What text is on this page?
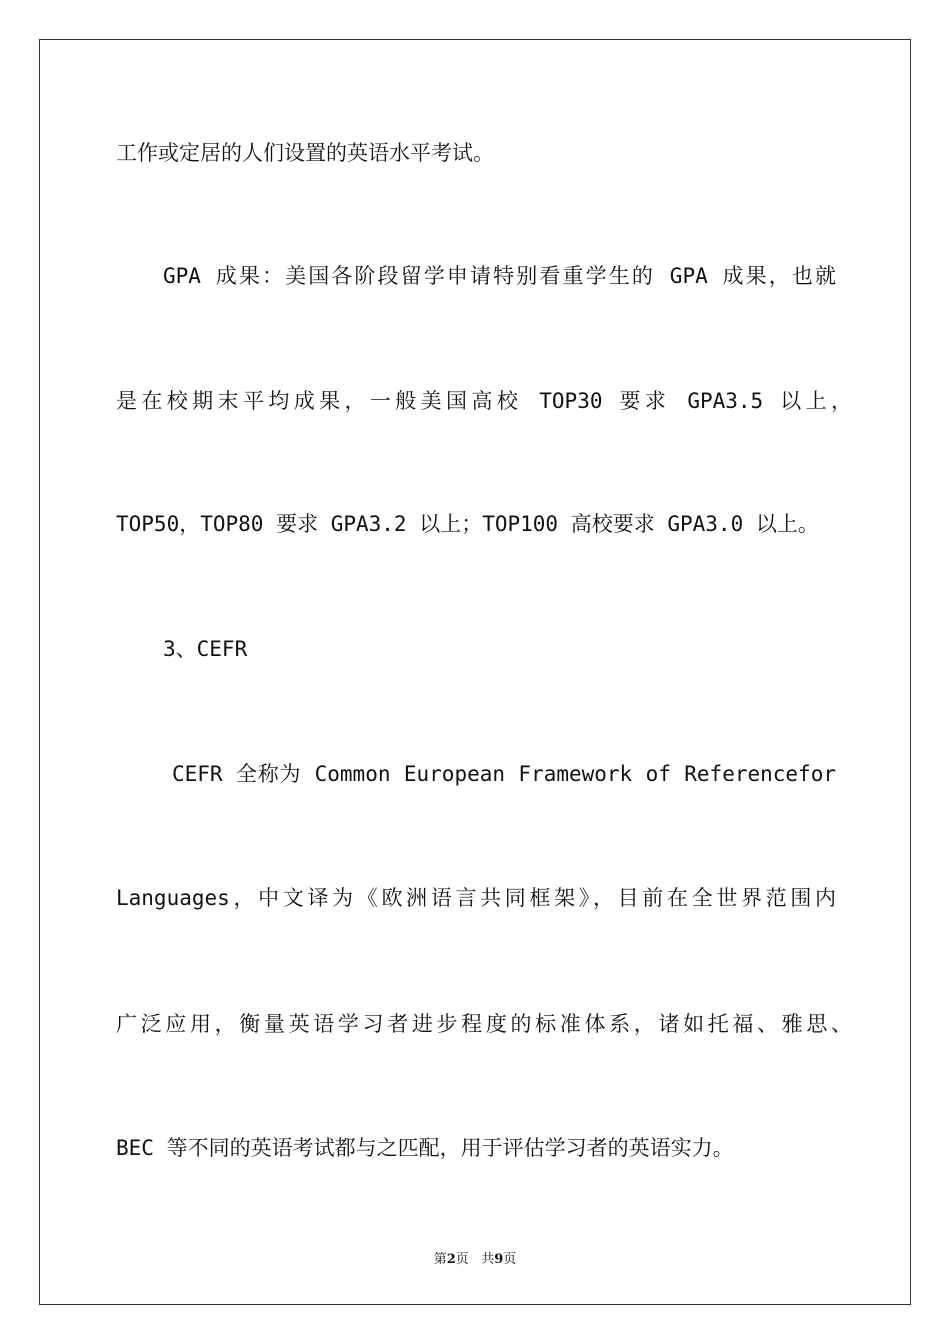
工作或定居的人们设置的英语水平考试。
GPA 成果：美国各阶段留学申请特别看重学生的 GPA 成果，也就
是在校期末平均成果，一般美国高校 TOP30 要求 GPA3.5 以上，
TOP50，TOP80 要求 GPA3.2 以上；TOP100 高校要求 GPA3.0 以上。
3、CEFR
CEFR 全称为 Common European Framework of Referencefor
Languages，中文译为《欧洲语言共同框架》，目前在全世界范围内
广泛应用，衡量英语学习者进步程度的标准体系，诸如托福、雅思、
BEC 等不同的英语考试都与之匹配，用于评估学习者的英语实力。
第2页 共9页
